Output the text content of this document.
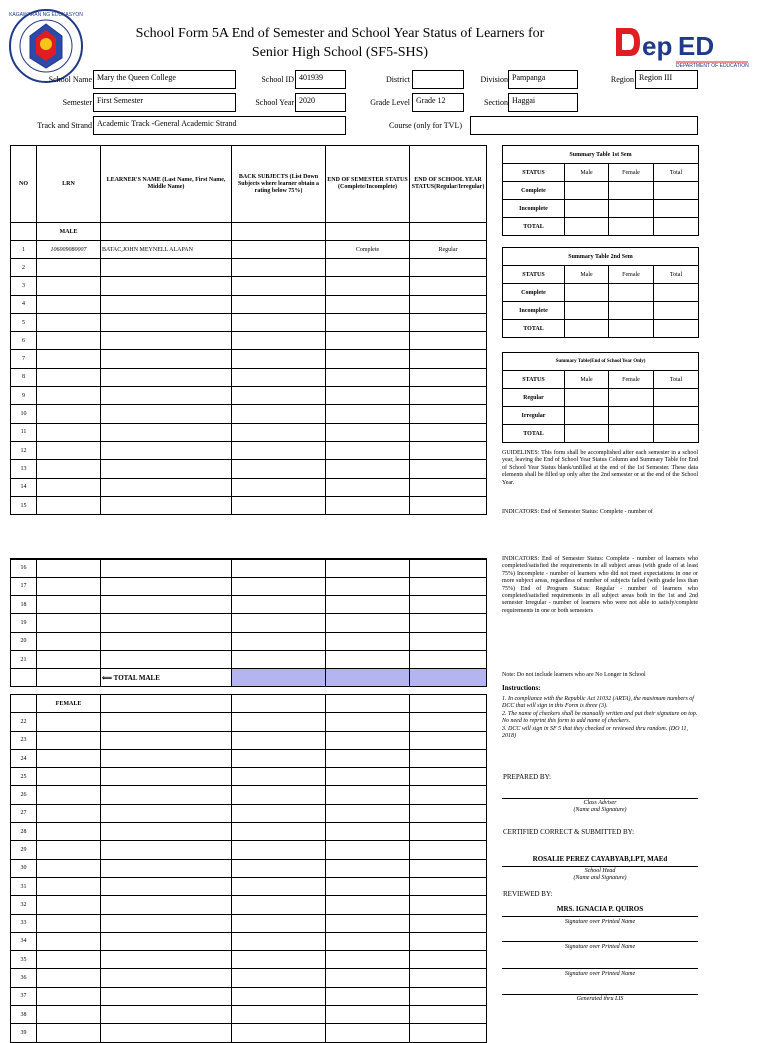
KAGAWARAN NG EDUKASYON
School Form 5A End of Semester and School Year Status of Learners for
Senior High School (SF5-SHS)	ep ED
DEPARTMENT OF EDUCATION
School Name Mary the Queen College	School ID 401939	District	Division Pampanga	Region Region III
Semester First Semester	School Year 2020	Grade Level Grade 12	Section Haggai
Track and Strand Academic Track -General Academic Strand	Course (only for TVL)
NO	LRN	LEARNER'S NAME (Last Name, First Name, Middle Name)	BACK SUBJECTS (List Down Subjects where learner obtain a rating below 75%)	END OF SEMESTER STATUS (Complete/Incomplete)	END OF SCHOOL YEAR STATUS(Regular/Irregular)
	MALE				
1	106009080007	BATAC,JOHN MEYNELL ALAPAN		Complete	Regular
2					
3					
4					
5					
6					
7					
8					
9					
10					
11					
12					
13					
14					
15					
16					
17					
18					
19					
20					
21					
		⟸ TOTAL MALE			

	FEMALE				
22					
23					
24					
25					
26					
27					
28					
29					
30					
31					
32					
33					
34					
35					
36					
37					
38					
39					
Summary Table 1st Sem			
STATUS	Male	Female	Total
Complete			
Incomplete			
TOTAL			
Summary Table 2nd Sem			
STATUS	Male	Female	Total
Complete			
Incomplete			
TOTAL			
Summary Table(End of School Year Only)			
STATUS	Male	Female	Total
Regular			
Irregular			
TOTAL			
GUIDELINES: This form shall be accomplished after each semester in a school year, leaving the End of School Year Status Column and Summary Table for End of School Year Status blank/unfilled at the end of the 1st Semester. These data elements shall be filled up only after the 2nd semester or at the end of the School Year.
INDICATORS: End of Semester Status: Complete - number of
INDICATORS: End of Semester Status: Complete - number of learners who completed/satisfied the requirements in all subject areas (with grade of at least 75%) Incomplete - number of learners who did not meet expectations in one or more subject areas, regardless of number of subjects failed (with grade less than 75%) End of Program Status: Regular - number of learners who completed/satisfied requirements in all subject areas both in the 1st and 2nd semester Irregular - number of learners who were not able to satisfy/complete requirements in one or both semesters
Note: Do not include learners who are No Longer in School
Instructions:
1. In compliance with the Republic Act 11032 (ARTA), the maximum numbers of DCC that will sign in this Form is three (3).
2. The name of checkers shall be manually written and put their signature on top. No need to reprint this form to add name of checkers.
3. DCC will sign in SF 5 that they checked or reviewed thru random. (DO 11, 2018)
PREPARED BY:
Class Adviser
(Name and Signature)
CERTIFIED CORRECT & SUBMITTED BY:
ROSALIE PEREZ CAYABYAB,LPT, MAEd
School Head
(Name and Signature)
REVIEWED BY:
MRS. IGNACIA P. QUIROS
Signature over Printed Name
Signature over Printed Name
Signature over Printed Name
Generated thru LIS
